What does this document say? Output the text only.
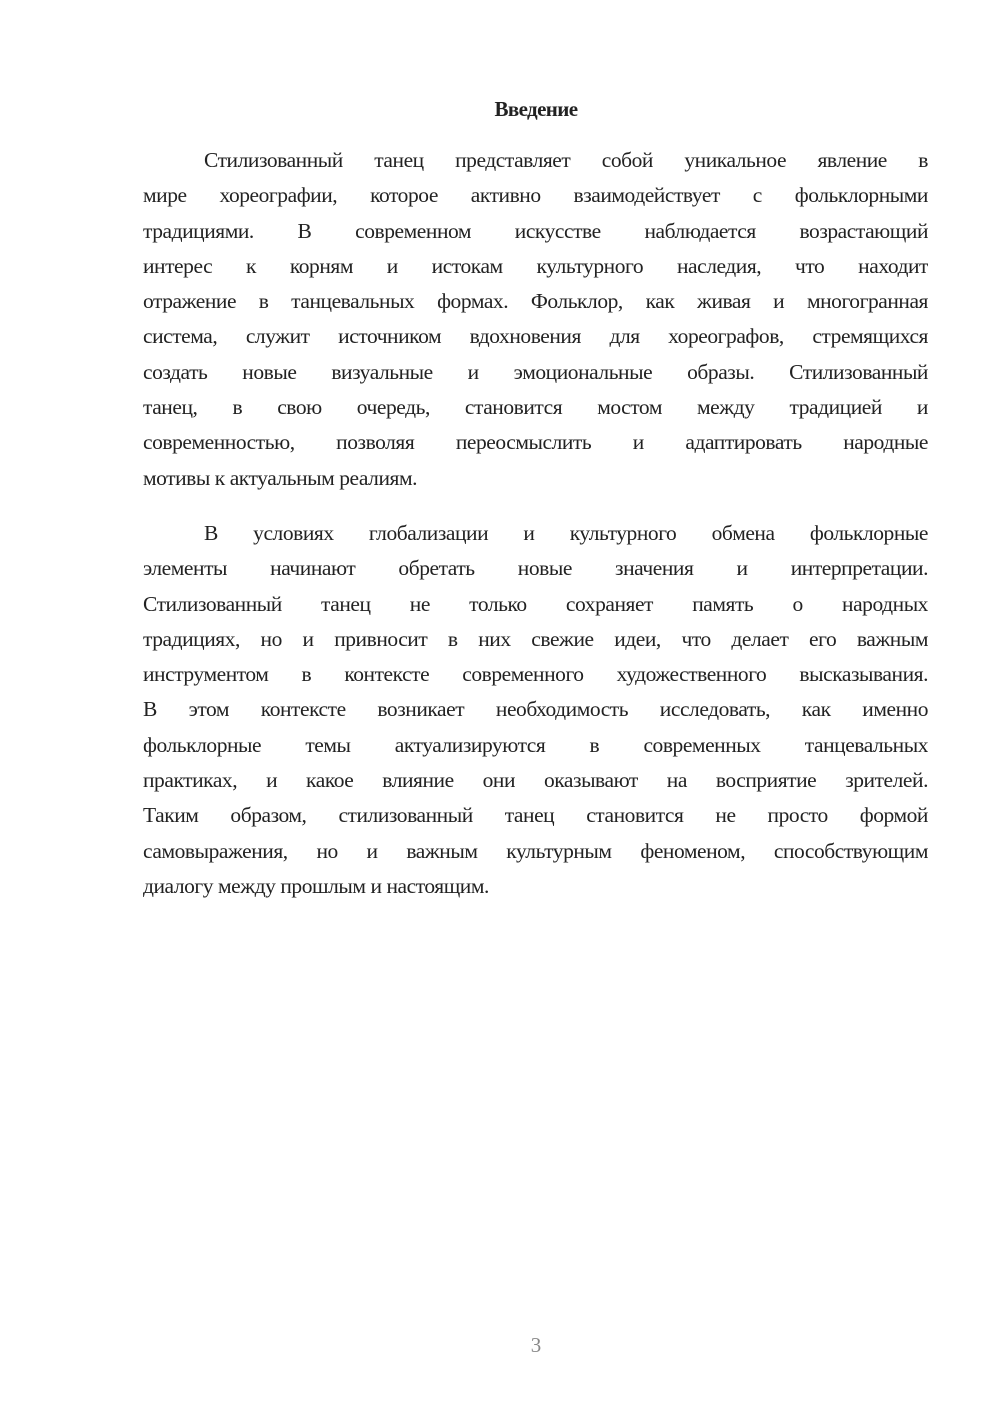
Введение
Стилизованный танец представляет собой уникальное явление в
мире хореографии, которое активно взаимодействует с фольклорными
традициями. В современном искусстве наблюдается возрастающий
интерес к корням и истокам культурного наследия, что находит
отражение в танцевальных формах. Фольклор, как живая и многогранная
система, служит источником вдохновения для хореографов, стремящихся
создать новые визуальные и эмоциональные образы. Стилизованный
танец, в свою очередь, становится мостом между традицией и
современностью, позволяя переосмыслить и адаптировать народные
мотивы к актуальным реалиям.
В условиях глобализации и культурного обмена фольклорные
элементы начинают обретать новые значения и интерпретации.
Стилизованный танец не только сохраняет память о народных
традициях, но и привносит в них свежие идеи, что делает его важным
инструментом в контексте современного художественного высказывания.
В этом контексте возникает необходимость исследовать, как именно
фольклорные темы актуализируются в современных танцевальных
практиках, и какое влияние они оказывают на восприятие зрителей.
Таким образом, стилизованный танец становится не просто формой
самовыражения, но и важным культурным феноменом, способствующим
диалогу между прошлым и настоящим.
3
